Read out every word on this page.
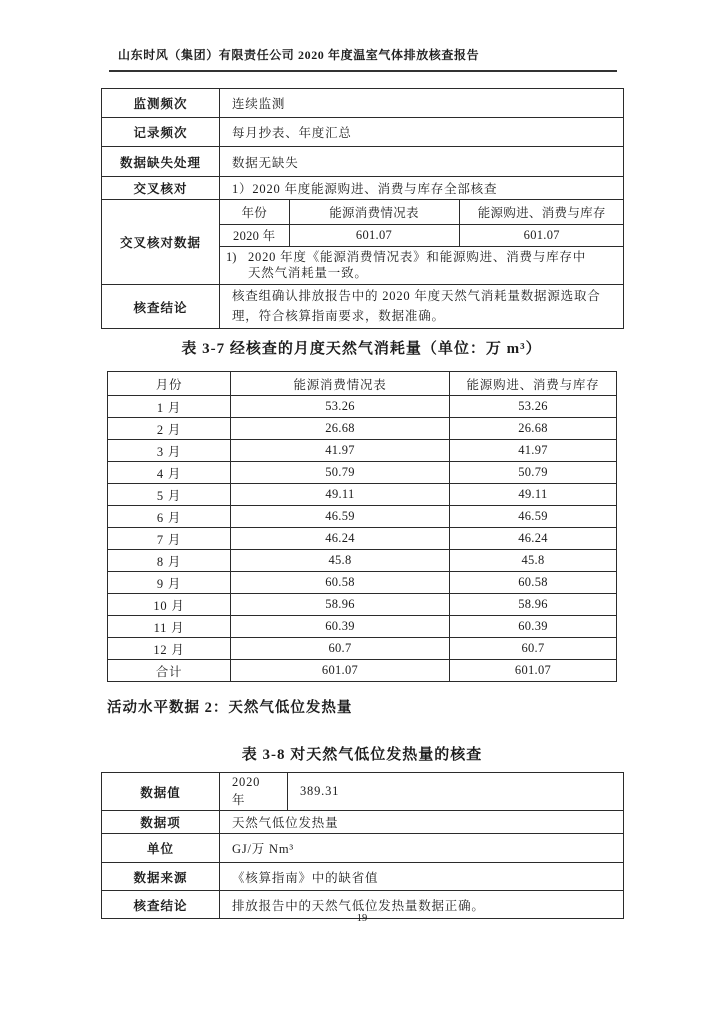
山东时风（集团）有限责任公司 2020 年度温室气体排放核查报告
监测频次	连续监测
记录频次	每月抄表、年度汇总
数据缺失处理	数据无缺失
交叉核对	1）2020 年度能源购进、消费与库存全部核查
交叉核对数据	
年份	能源消费情况表	能源购进、消费与库存
2020 年	601.07	601.07

1) 2020 年度《能源消费情况表》和能源购进、消费与库存中
天然气消耗量一致。

核查结论	核查组确认排放报告中的 2020 年度天然气消耗量数据源选取合理，符合核算指南要求，数据准确。
表 3-7 经核查的月度天然气消耗量（单位：万 m³）
月份	能源消费情况表	能源购进、消费与库存
1 月	53.26	53.26
2 月	26.68	26.68
3 月	41.97	41.97
4 月	50.79	50.79
5 月	49.11	49.11
6 月	46.59	46.59
7 月	46.24	46.24
8 月	45.8	45.8
9 月	60.58	60.58
10 月	58.96	58.96
11 月	60.39	60.39
12 月	60.7	60.7
合计	601.07	601.07
活动水平数据 2：天然气低位发热量
表 3-8 对天然气低位发热量的核查
数据值	2020 年	389.31
数据项	天然气低位发热量	
单位	GJ/万 Nm³	
数据来源	《核算指南》中的缺省值	
核查结论	排放报告中的天然气低位发热量数据正确。	
19
